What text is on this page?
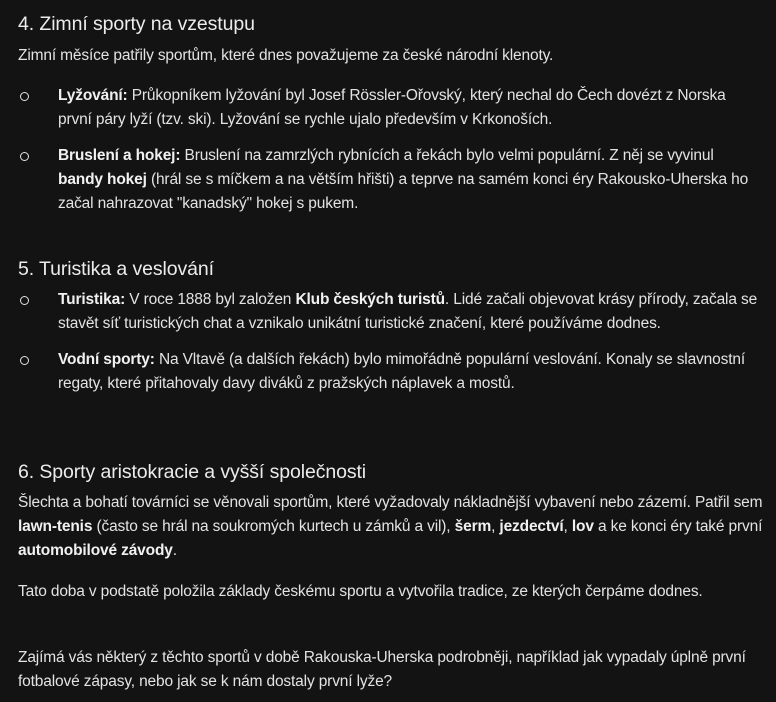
4. Zimní sporty na vzestupu

Zimní měsíce patřily sportům, které dnes považujeme za české národní klenoty.

Lyžování: Průkopníkem lyžování byl Josef Rössler-Ořovský, který nechal do Čech dovézt z Norska první páry lyží (tzv. ski). Lyžování se rychle ujalo především v Krkonoších.
Bruslení a hokej: Bruslení na zamrzlých rybnících a řekách bylo velmi populární. Z něj se vyvinul bandy hokej (hrál se s míčkem a na větším hřišti) a teprve na samém konci éry Rakousko-Uherska ho začal nahrazovat "kanadský" hokej s pukem.
5. Turistika a veslování
Turistika: V roce 1888 byl založen Klub českých turistů. Lidé začali objevovat krásy přírody, začala se stavět síť turistických chat a vznikalo unikátní turistické značení, které používáme dodnes.
Vodní sporty: Na Vltavě (a dalších řekách) bylo mimořádně populární veslování. Konaly se slavnostní regaty, které přitahovaly davy diváků z pražských náplavek a mostů.
6. Sporty aristokracie a vyšší společnosti

Šlechta a bohatí továrníci se věnovali sportům, které vyžadovaly nákladnější vybavení nebo zázemí. Patřil sem lawn-tenis (často se hrál na soukromých kurtech u zámků a vil), šerm, jezdectví, lov a ke konci éry také první automobilové závody.

Tato doba v podstatě položila základy českému sportu a vytvořila tradice, ze kterých čerpáme dodnes.

Zajímá vás některý z těchto sportů v době Rakouska-Uherska podrobněji, například jak vypadaly úplně první fotbalové zápasy, nebo jak se k nám dostaly první lyže?
